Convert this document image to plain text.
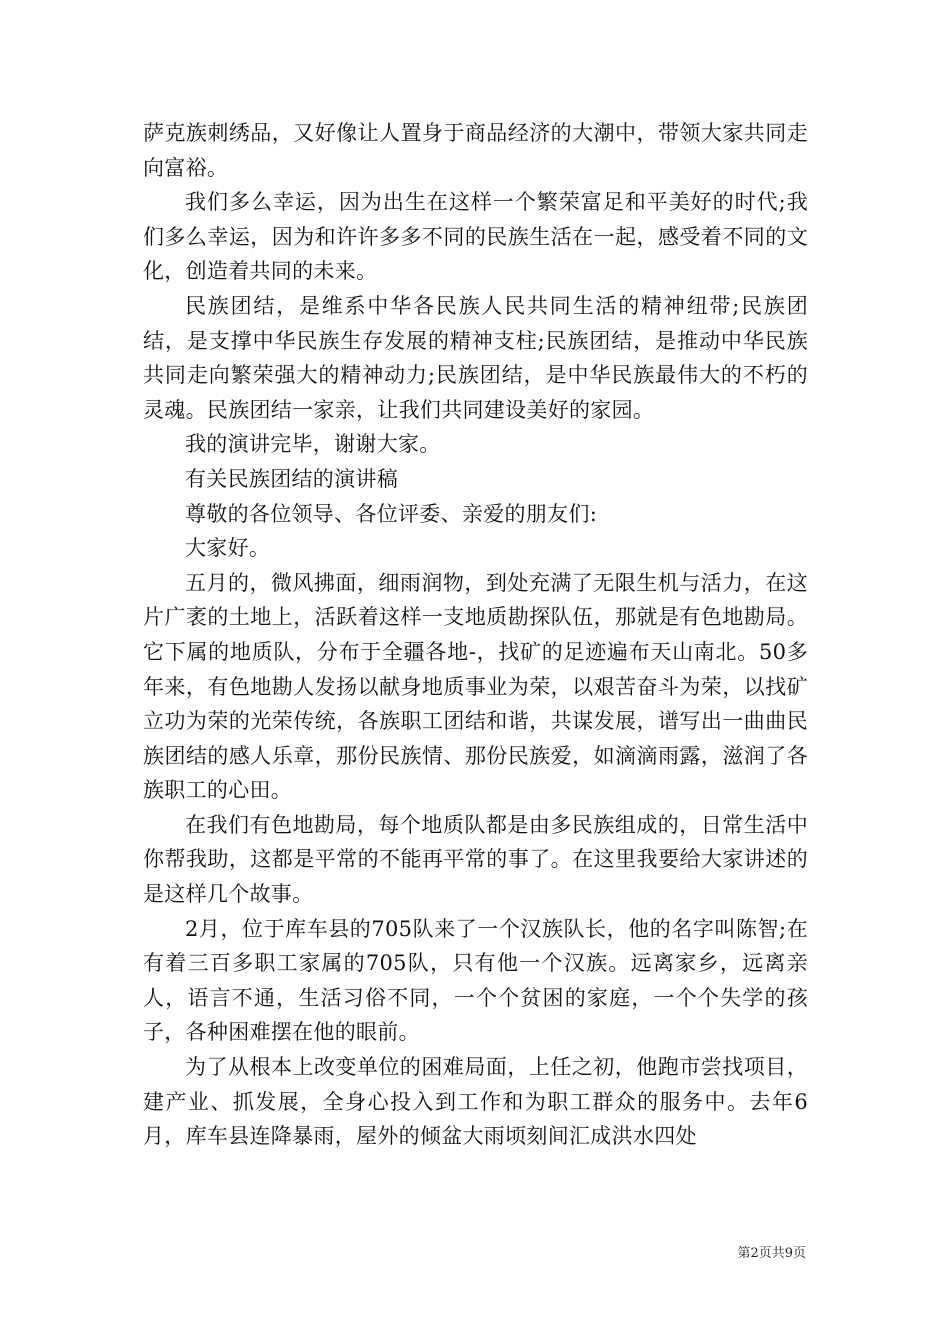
萨克族刺绣品，又好像让人置身于商品经济的大潮中，带领大家共同走向富裕。

我们多么幸运，因为出生在这样一个繁荣富足和平美好的时代;我们多么幸运，因为和许许多多不同的民族生活在一起，感受着不同的文化，创造着共同的未来。

民族团结，是维系中华各民族人民共同生活的精神纽带;民族团结，是支撑中华民族生存发展的精神支柱;民族团结，是推动中华民族共同走向繁荣强大的精神动力;民族团结，是中华民族最伟大的不朽的灵魂。民族团结一家亲，让我们共同建设美好的家园。

我的演讲完毕，谢谢大家。

有关民族团结的演讲稿

尊敬的各位领导、各位评委、亲爱的朋友们:

大家好。

五月的，微风拂面，细雨润物，到处充满了无限生机与活力，在这片广袤的土地上，活跃着这样一支地质勘探队伍，那就是有色地勘局。它下属的地质队，分布于全疆各地-，找矿的足迹遍布天山南北。50多年来，有色地勘人发扬以献身地质事业为荣，以艰苦奋斗为荣，以找矿立功为荣的光荣传统，各族职工团结和谐，共谋发展，谱写出一曲曲民族团结的感人乐章，那份民族情、那份民族爱，如滴滴雨露，滋润了各族职工的心田。

在我们有色地勘局，每个地质队都是由多民族组成的，日常生活中你帮我助，这都是平常的不能再平常的事了。在这里我要给大家讲述的是这样几个故事。

2月，位于库车县的705队来了一个汉族队长，他的名字叫陈智;在有着三百多职工家属的705队，只有他一个汉族。远离家乡，远离亲人，语言不通，生活习俗不同，一个个贫困的家庭，一个个失学的孩子，各种困难摆在他的眼前。

为了从根本上改变单位的困难局面，上任之初，他跑市尝找项目，建产业、抓发展，全身心投入到工作和为职工群众的服务中。去年6月，库车县连降暴雨，屋外的倾盆大雨顷刻间汇成洪水四处

第2页共9页
